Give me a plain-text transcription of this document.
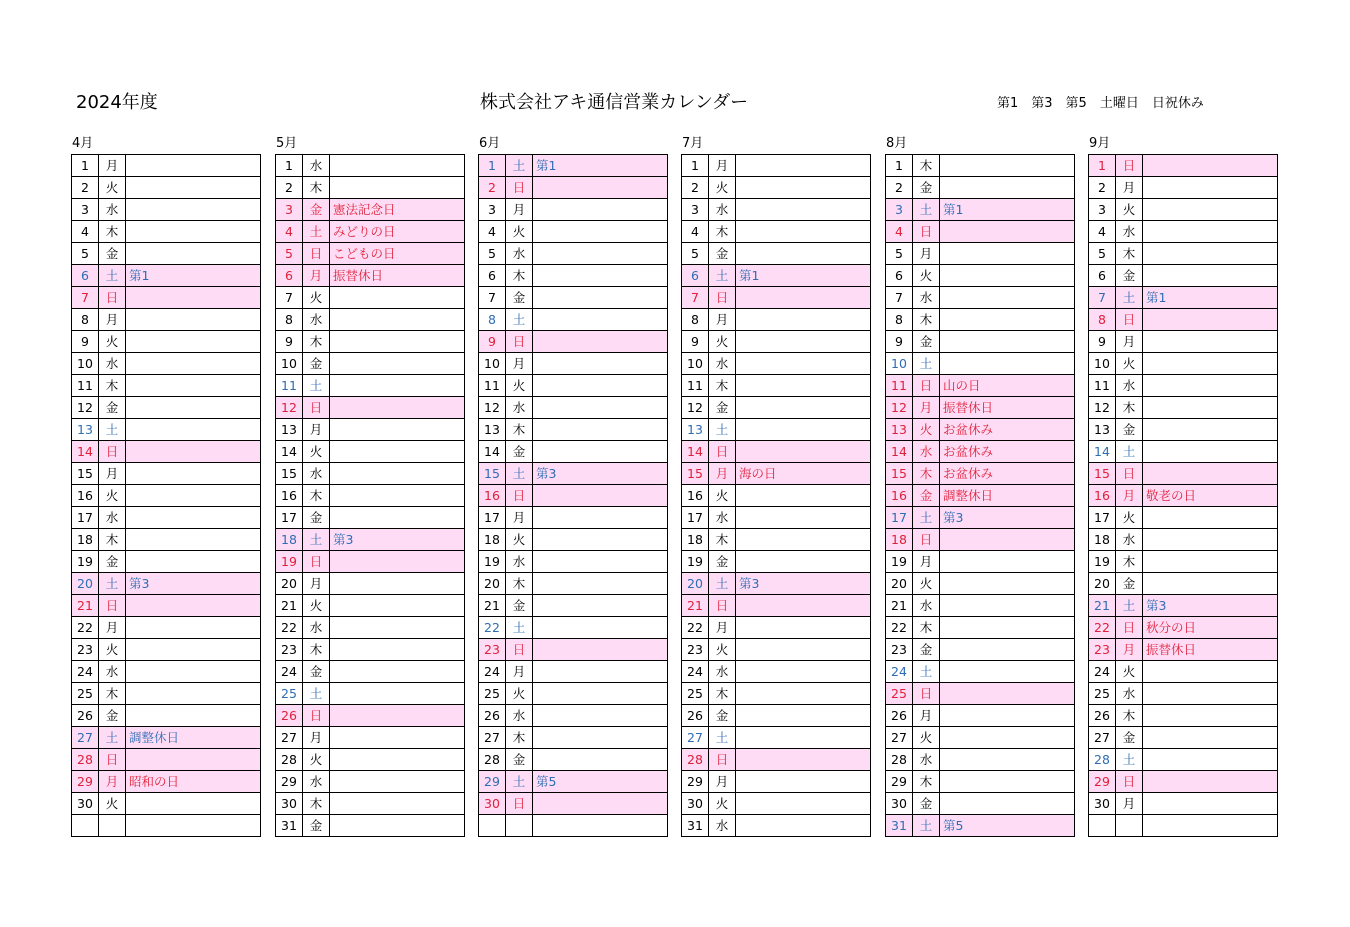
2024年度	株式会社アキ通信営業カレンダー	第1　第3　第5　土曜日　日祝休み
4月
1	月	
2	火	
3	水	
4	木	
5	金	
6	土	第1
7	日	
8	月	
9	火	
10	水	
11	木	
12	金	
13	土	
14	日	
15	月	
16	火	
17	水	
18	木	
19	金	
20	土	第3
21	日	
22	月	
23	火	
24	水	
25	木	
26	金	
27	土	調整休日
28	日	
29	月	昭和の日
30	火	

5月
1	水	
2	木	
3	金	憲法記念日
4	土	みどりの日
5	日	こどもの日
6	月	振替休日
7	火	
8	水	
9	木	
10	金	
11	土	
12	日	
13	月	
14	火	
15	水	
16	木	
17	金	
18	土	第3
19	日	
20	月	
21	火	
22	水	
23	木	
24	金	
25	土	
26	日	
27	月	
28	火	
29	水	
30	木	
31	金	
6月
1	土	第1
2	日	
3	月	
4	火	
5	水	
6	木	
7	金	
8	土	
9	日	
10	月	
11	火	
12	水	
13	木	
14	金	
15	土	第3
16	日	
17	月	
18	火	
19	水	
20	木	
21	金	
22	土	
23	日	
24	月	
25	火	
26	水	
27	木	
28	金	
29	土	第5
30	日	

7月
1	月	
2	火	
3	水	
4	木	
5	金	
6	土	第1
7	日	
8	月	
9	火	
10	水	
11	木	
12	金	
13	土	
14	日	
15	月	海の日
16	火	
17	水	
18	木	
19	金	
20	土	第3
21	日	
22	月	
23	火	
24	水	
25	木	
26	金	
27	土	
28	日	
29	月	
30	火	
31	水	
8月
1	木	
2	金	
3	土	第1
4	日	
5	月	
6	火	
7	水	
8	木	
9	金	
10	土	
11	日	山の日
12	月	振替休日
13	火	お盆休み
14	水	お盆休み
15	木	お盆休み
16	金	調整休日
17	土	第3
18	日	
19	月	
20	火	
21	水	
22	木	
23	金	
24	土	
25	日	
26	月	
27	火	
28	水	
29	木	
30	金	
31	土	第5
9月
1	日	
2	月	
3	火	
4	水	
5	木	
6	金	
7	土	第1
8	日	
9	月	
10	火	
11	水	
12	木	
13	金	
14	土	
15	日	
16	月	敬老の日
17	火	
18	水	
19	木	
20	金	
21	土	第3
22	日	秋分の日
23	月	振替休日
24	火	
25	水	
26	木	
27	金	
28	土	
29	日	
30	月	
